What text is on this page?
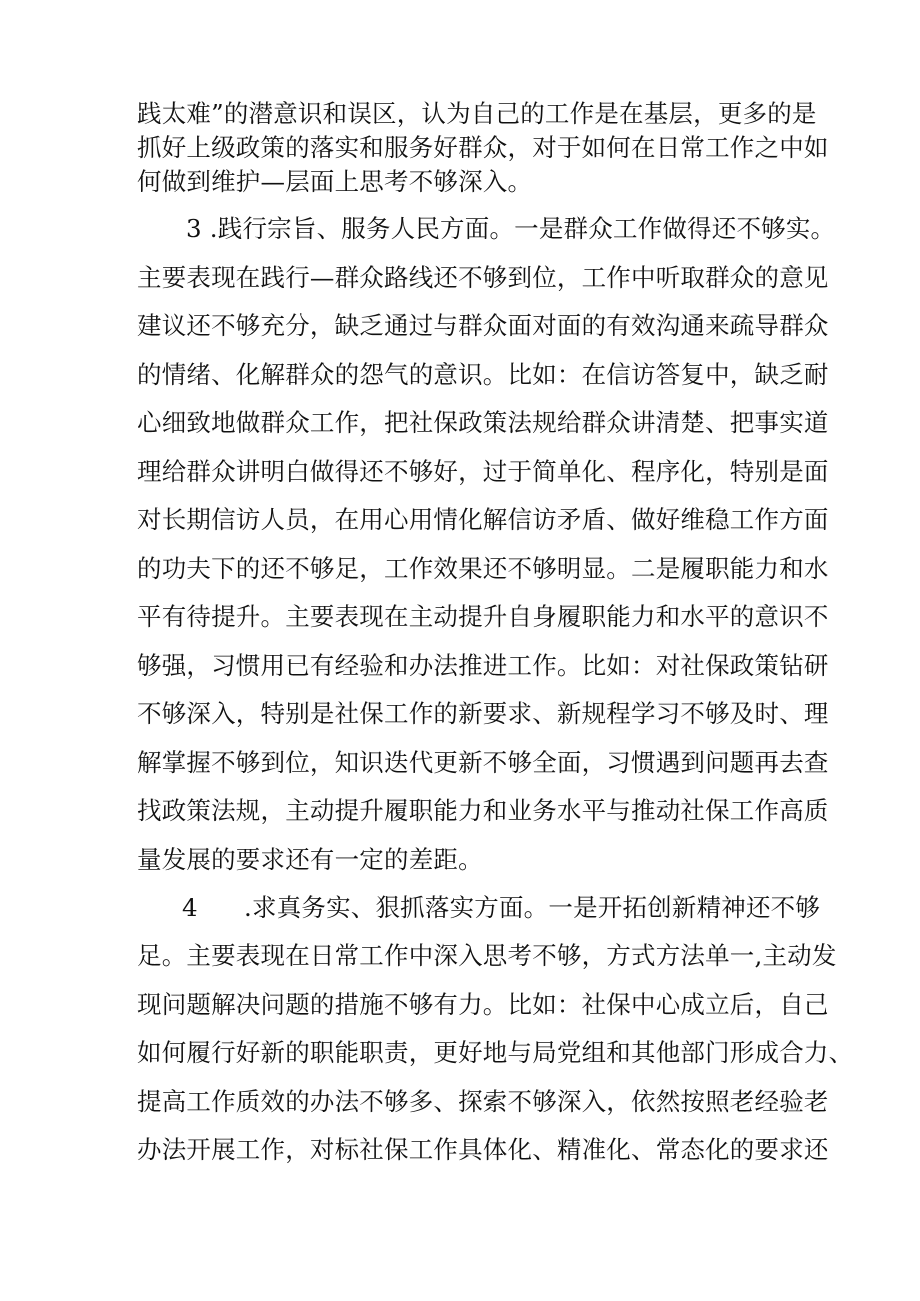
践太难”的潜意识和误区，认为自己的工作是在基层，更多的是
抓好上级政策的落实和服务好群众，对于如何在日常工作之中如
何做到维护—层面上思考不够深入。
3 .践行宗旨、服务人民方面。一是群众工作做得还不够实。
主要表现在践行—群众路线还不够到位，工作中听取群众的意见
建议还不够充分，缺乏通过与群众面对面的有效沟通来疏导群众
的情绪、化解群众的怨气的意识。比如：在信访答复中，缺乏耐
心细致地做群众工作，把社保政策法规给群众讲清楚、把事实道
理给群众讲明白做得还不够好，过于简单化、程序化，特别是面
对长期信访人员，在用心用情化解信访矛盾、做好维稳工作方面
的功夫下的还不够足，工作效果还不够明显。二是履职能力和水
平有待提升。主要表现在主动提升自身履职能力和水平的意识不
够强，习惯用已有经验和办法推进工作。比如：对社保政策钻研
不够深入，特别是社保工作的新要求、新规程学习不够及时、理
解掌握不够到位，知识迭代更新不够全面，习惯遇到问题再去查
找政策法规，主动提升履职能力和业务水平与推动社保工作高质
量发展的要求还有一定的差距。
4 .求真务实、狠抓落实方面。一是开拓创新精神还不够
足。主要表现在日常工作中深入思考不够，方式方法单一,主动发
现问题解决问题的措施不够有力。比如：社保中心成立后，自己
如何履行好新的职能职责，更好地与局党组和其他部门形成合力、
提高工作质效的办法不够多、探索不够深入，依然按照老经验老
办法开展工作，对标社保工作具体化、精准化、常态化的要求还
